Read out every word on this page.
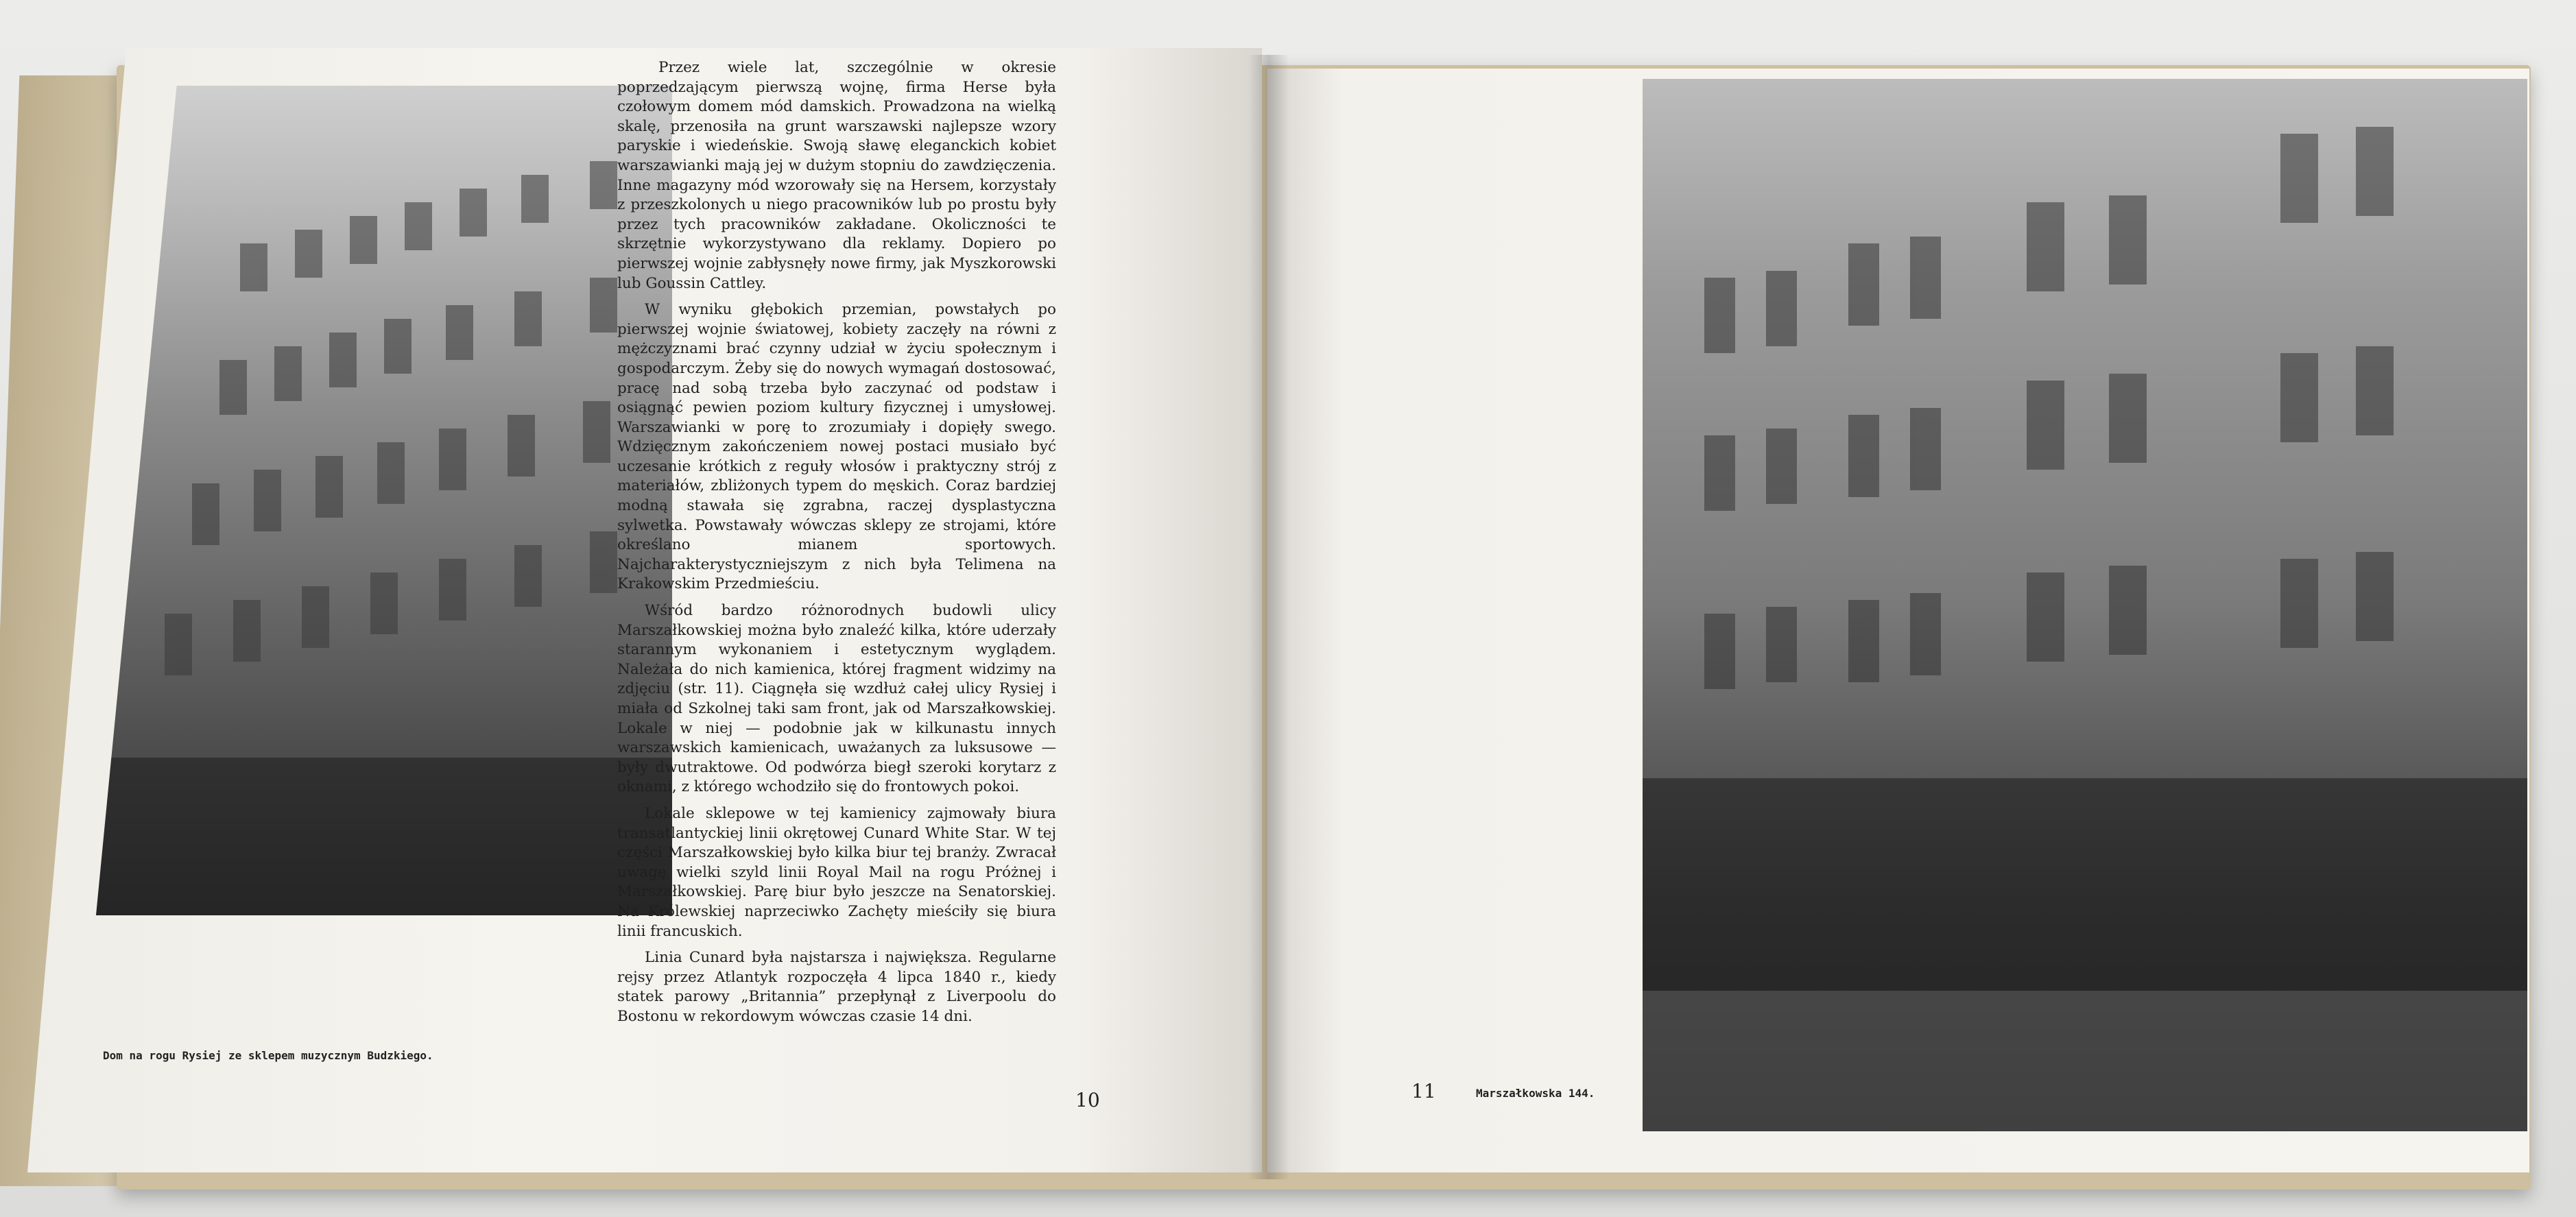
Przez wiele lat, szczególnie w okresie poprzedzającym pierwszą wojnę, firma Herse była czołowym domem mód damskich. Prowadzona na wielką skalę, przenosiła na grunt warszawski najlepsze wzory paryskie i wiedeńskie. Swoją sławę eleganckich kobiet warszawianki mają jej w dużym stopniu do zawdzięczenia. Inne magazyny mód wzorowały się na Hersem, korzystały z przeszkolonych u niego pracowników lub po prostu były przez tych pracowników zakładane. Okoliczności te skrzętnie wykorzystywano dla reklamy. Dopiero po pierwszej wojnie zabłysnęły nowe firmy, jak Myszkorowski lub Goussin Cattley.

W wyniku głębokich przemian, powstałych po pierwszej wojnie światowej, kobiety zaczęły na równi z mężczyznami brać czynny udział w życiu społecznym i gospodarczym. Żeby się do nowych wymagań dostosować, pracę nad sobą trzeba było zaczynać od podstaw i osiągnąć pewien poziom kultury fizycznej i umysłowej. Warszawianki w porę to zrozumiały i dopięły swego. Wdzięcznym zakończeniem nowej postaci musiało być uczesanie krótkich z reguły włosów i praktyczny strój z materiałów, zbliżonych typem do męskich. Coraz bardziej modną stawała się zgrabna, raczej dysplastyczna sylwetka. Powstawały wówczas sklepy ze strojami, które określano mianem sportowych. Najcharakterystyczniejszym z nich była Telimena na Krakowskim Przedmieściu.

Wśród bardzo różnorodnych budowli ulicy Marszałkowskiej można było znaleźć kilka, które uderzały starannym wykonaniem i estetycznym wyglądem. Należała do nich kamienica, której fragment widzimy na zdjęciu (str. 11). Ciągnęła się wzdłuż całej ulicy Rysiej i miała od Szkolnej taki sam front, jak od Marszałkowskiej. Lokale w niej — podobnie jak w kilkunastu innych warszawskich kamienicach, uważanych za luksusowe — były dwutraktowe. Od podwórza biegł szeroki korytarz z oknami, z którego wchodziło się do frontowych pokoi.

Lokale sklepowe w tej kamienicy zajmowały biura transatlantyckiej linii okrętowej Cunard White Star. W tej części Marszałkowskiej było kilka biur tej branży. Zwracał uwagę wielki szyld linii Royal Mail na rogu Próżnej i Marszałkowskiej. Parę biur było jeszcze na Senatorskiej. Na Królewskiej naprzeciwko Zachęty mieściły się biura linii francuskich.

Linia Cunard była najstarsza i największa. Regularne rejsy przez Atlantyk rozpoczęła 4 lipca 1840 r., kiedy statek parowy „Britannia” przepłynął z Liverpoolu do Bostonu w rekordowym wówczas czasie 14 dni.

Dom na rogu Rysiej ze sklepem muzycznym Budzkiego.
10	11	Marszałkowska 144.
